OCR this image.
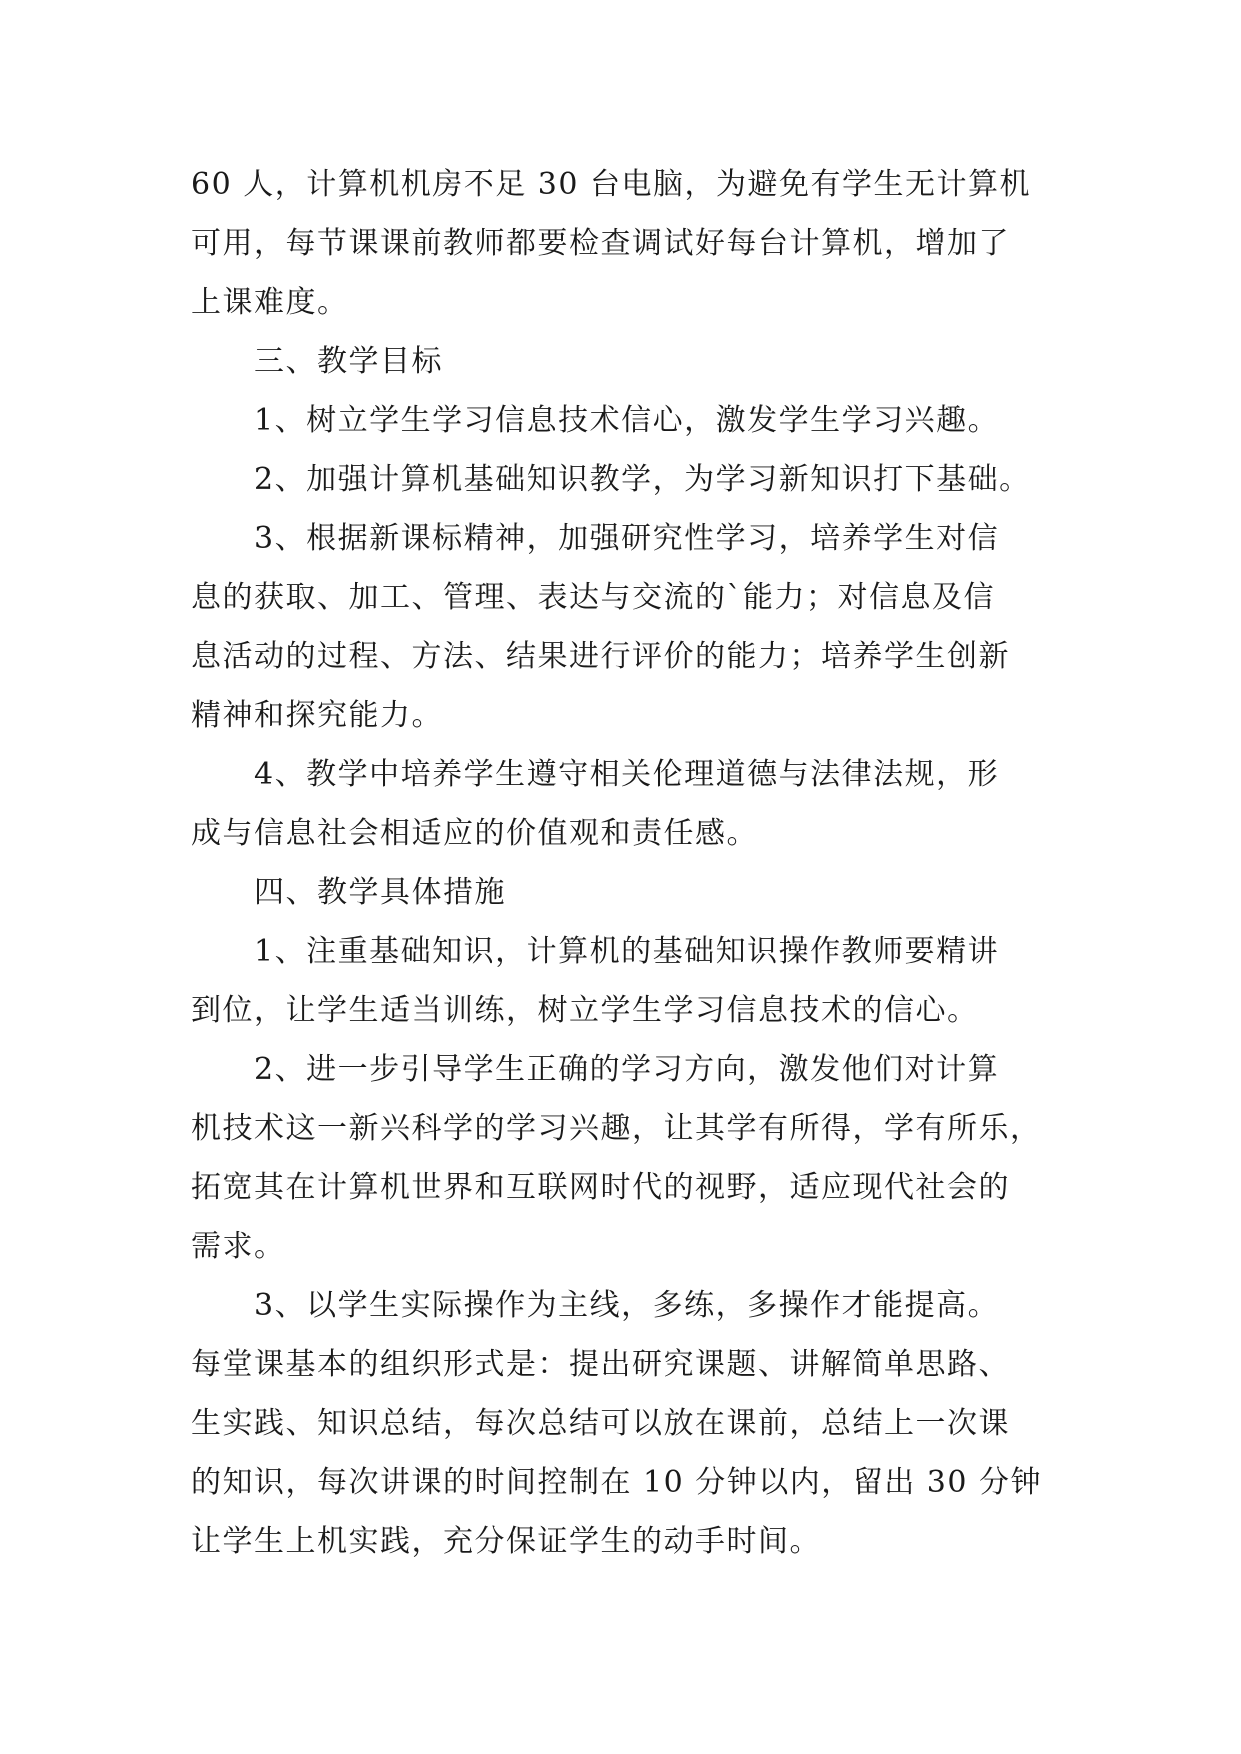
60 人，计算机机房不足 30 台电脑，为避免有学生无计算机
可用，每节课课前教师都要检查调试好每台计算机，增加了
上课难度。
三、教学目标
1、树立学生学习信息技术信心，激发学生学习兴趣。
2、加强计算机基础知识教学，为学习新知识打下基础。
3、根据新课标精神，加强研究性学习，培养学生对信
息的获取、加工、管理、表达与交流的`能力；对信息及信
息活动的过程、方法、结果进行评价的能力；培养学生创新
精神和探究能力。
4、教学中培养学生遵守相关伦理道德与法律法规，形
成与信息社会相适应的价值观和责任感。
四、教学具体措施
1、注重基础知识，计算机的基础知识操作教师要精讲
到位，让学生适当训练，树立学生学习信息技术的信心。
2、进一步引导学生正确的学习方向，激发他们对计算
机技术这一新兴科学的学习兴趣，让其学有所得，学有所乐，
拓宽其在计算机世界和互联网时代的视野，适应现代社会的
需求。
3、以学生实际操作为主线，多练，多操作才能提高。
每堂课基本的组织形式是：提出研究课题、讲解简单思路、
生实践、知识总结，每次总结可以放在课前，总结上一次课
的知识，每次讲课的时间控制在 10 分钟以内，留出 30 分钟
让学生上机实践，充分保证学生的动手时间。
